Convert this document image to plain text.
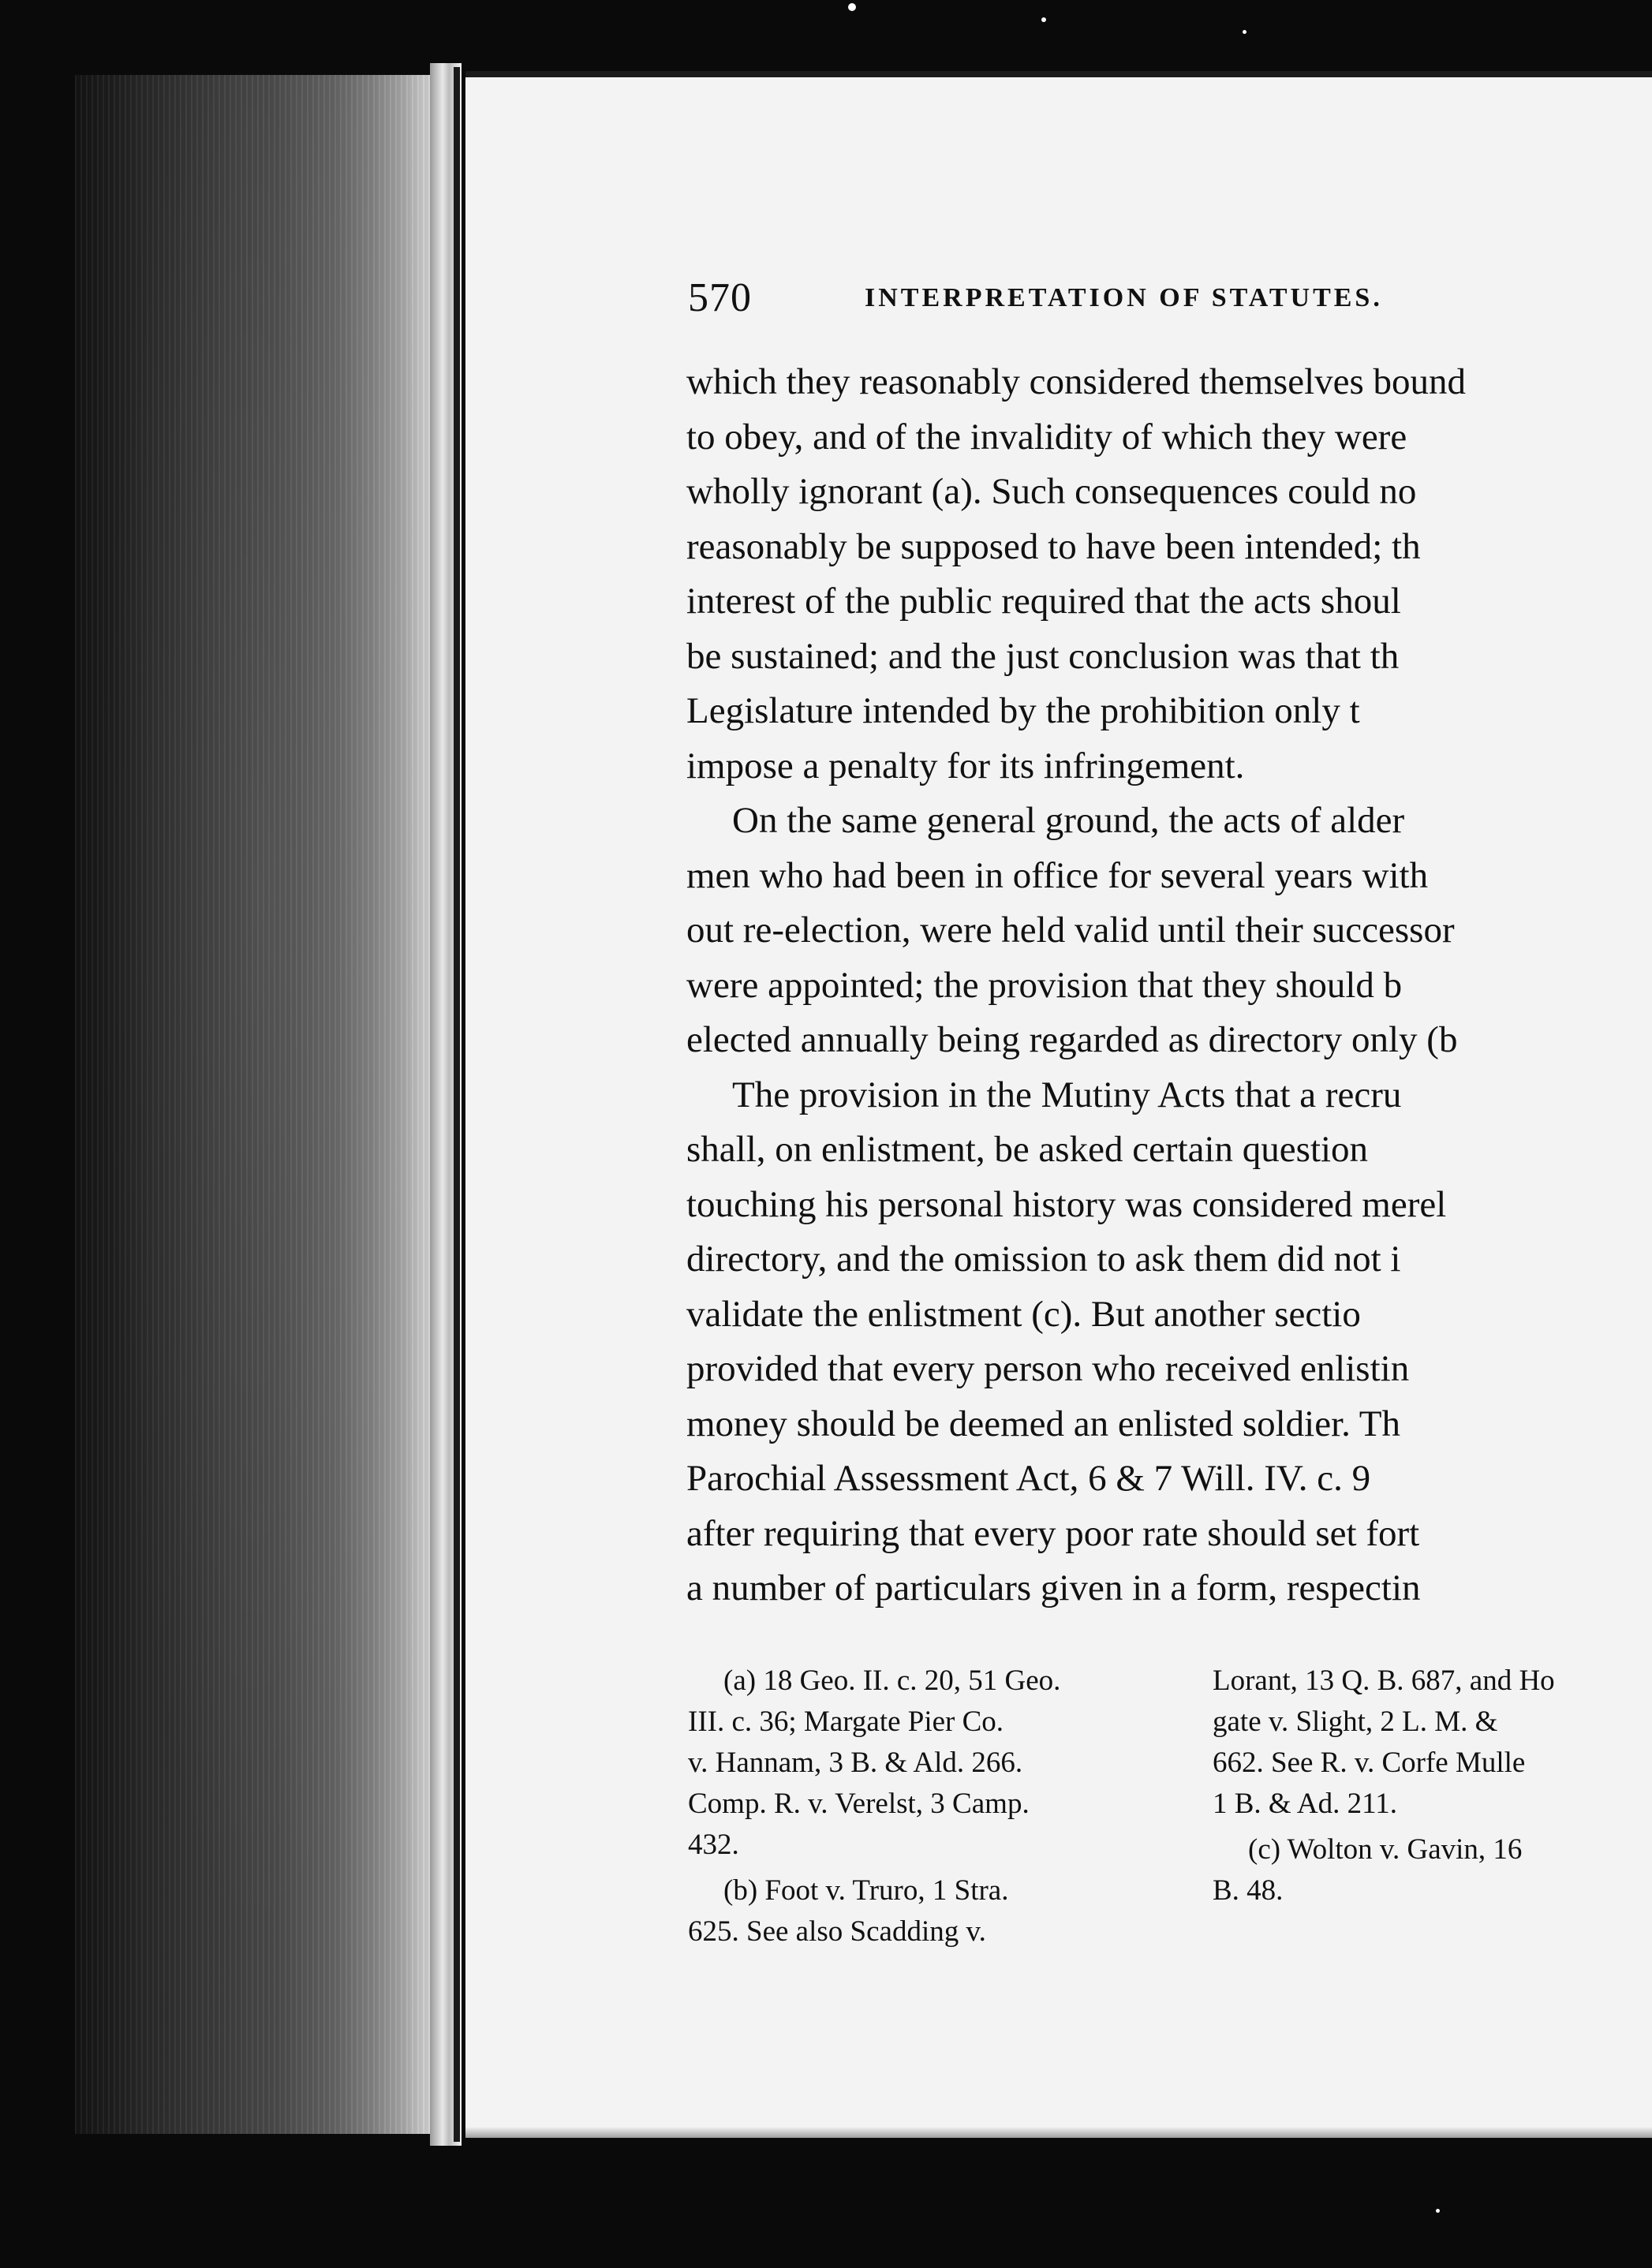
570	INTERPRETATION OF STATUTES.
which they reasonably considered themselves bound
to obey, and of the invalidity of which they were
wholly ignorant (a). Such consequences could no
reasonably be supposed to have been intended; th
interest of the public required that the acts shoul
be sustained; and the just conclusion was that th
Legislature intended by the prohibition only t
impose a penalty for its infringement.
On the same general ground, the acts of alder
men who had been in office for several years with
out re-election, were held valid until their successor
were appointed; the provision that they should b
elected annually being regarded as directory only (b
The provision in the Mutiny Acts that a recru
shall, on enlistment, be asked certain question
touching his personal history was considered merel
directory, and the omission to ask them did not i
validate the enlistment (c). But another sectio
provided that every person who received enlistin
money should be deemed an enlisted soldier. Th
Parochial Assessment Act, 6 & 7 Will. IV. c. 9
after requiring that every poor rate should set fort
a number of particulars given in a form, respectin
(a) 18 Geo. II. c. 20, 51 Geo.
III. c. 36; Margate Pier Co.
v. Hannam, 3 B. & Ald. 266.
Comp. R. v. Verelst, 3 Camp.
432.
(b) Foot v. Truro, 1 Stra.
625. See also Scadding v.
Lorant, 13 Q. B. 687, and Ho
gate v. Slight, 2 L. M. &
662. See R. v. Corfe Mulle
1 B. & Ad. 211.
(c) Wolton v. Gavin, 16
B. 48.
